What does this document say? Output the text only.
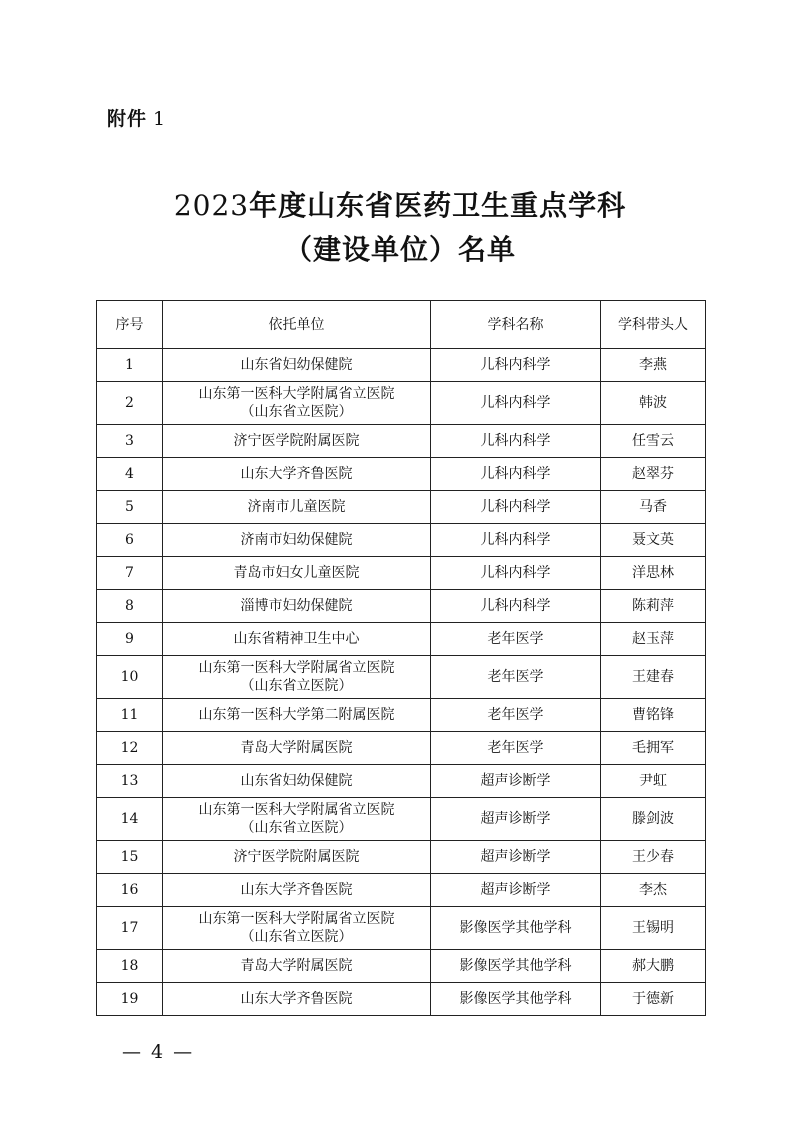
附件 1
2023年度山东省医药卫生重点学科
（建设单位）名单
序号	依托单位	学科名称	学科带头人
1	山东省妇幼保健院	儿科内科学	李燕
2	山东第一医科大学附属省立医院
（山东省立医院）	儿科内科学	韩波
3	济宁医学院附属医院	儿科内科学	任雪云
4	山东大学齐鲁医院	儿科内科学	赵翠芬
5	济南市儿童医院	儿科内科学	马香
6	济南市妇幼保健院	儿科内科学	聂文英
7	青岛市妇女儿童医院	儿科内科学	洋思林
8	淄博市妇幼保健院	儿科内科学	陈莉萍
9	山东省精神卫生中心	老年医学	赵玉萍
10	山东第一医科大学附属省立医院
（山东省立医院）	老年医学	王建春
11	山东第一医科大学第二附属医院	老年医学	曹铭锋
12	青岛大学附属医院	老年医学	毛拥军
13	山东省妇幼保健院	超声诊断学	尹虹
14	山东第一医科大学附属省立医院
（山东省立医院）	超声诊断学	滕剑波
15	济宁医学院附属医院	超声诊断学	王少春
16	山东大学齐鲁医院	超声诊断学	李杰
17	山东第一医科大学附属省立医院
（山东省立医院）	影像医学其他学科	王锡明
18	青岛大学附属医院	影像医学其他学科	郝大鹏
19	山东大学齐鲁医院	影像医学其他学科	于德新
— 4 —
